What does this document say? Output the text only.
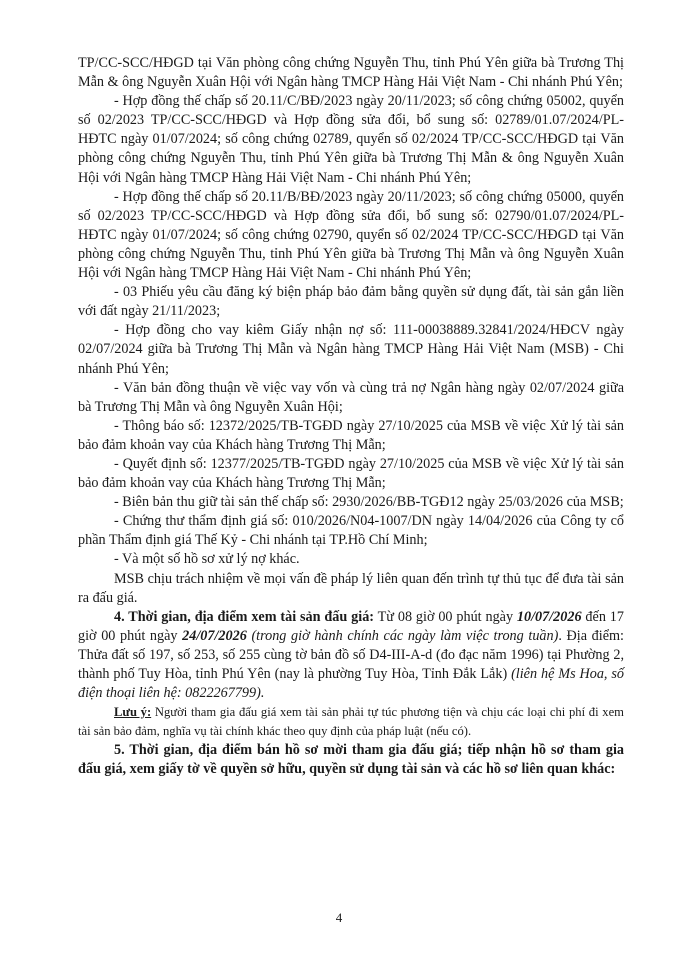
TP/CC-SCC/HĐGD tại Văn phòng công chứng Nguyễn Thu, tỉnh Phú Yên giữa bà Trương Thị Mẫn & ông Nguyễn Xuân Hội với Ngân hàng TMCP Hàng Hải Việt Nam - Chi nhánh Phú Yên;

- Hợp đồng thế chấp số 20.11/C/BĐ/2023 ngày 20/11/2023; số công chứng 05002, quyển số 02/2023 TP/CC-SCC/HĐGD và Hợp đồng sửa đổi, bổ sung số: 02789/01.07/2024/PL-HĐTC ngày 01/07/2024; số công chứng 02789, quyển số 02/2024 TP/CC-SCC/HĐGD tại Văn phòng công chứng Nguyễn Thu, tỉnh Phú Yên giữa bà Trương Thị Mẫn & ông Nguyễn Xuân Hội với Ngân hàng TMCP Hàng Hải Việt Nam - Chi nhánh Phú Yên;

- Hợp đồng thế chấp số 20.11/B/BĐ/2023 ngày 20/11/2023; số công chứng 05000, quyển số 02/2023 TP/CC-SCC/HĐGD và Hợp đồng sửa đổi, bổ sung số: 02790/01.07/2024/PL-HĐTC ngày 01/07/2024; số công chứng 02790, quyển số 02/2024 TP/CC-SCC/HĐGD tại Văn phòng công chứng Nguyễn Thu, tỉnh Phú Yên giữa bà Trương Thị Mẫn và ông Nguyễn Xuân Hội với Ngân hàng TMCP Hàng Hải Việt Nam - Chi nhánh Phú Yên;

- 03 Phiếu yêu cầu đăng ký biện pháp bảo đảm bằng quyền sử dụng đất, tài sản gắn liền với đất ngày 21/11/2023;

- Hợp đồng cho vay kiêm Giấy nhận nợ số: 111-00038889.32841/2024/HĐCV ngày 02/07/2024 giữa bà Trương Thị Mẫn và Ngân hàng TMCP Hàng Hải Việt Nam (MSB) - Chi nhánh Phú Yên;

- Văn bản đồng thuận về việc vay vốn và cùng trả nợ Ngân hàng ngày 02/07/2024 giữa bà Trương Thị Mẫn và ông Nguyễn Xuân Hội;

- Thông báo số: 12372/2025/TB-TGĐD ngày 27/10/2025 của MSB về việc Xử lý tài sản bảo đảm khoản vay của Khách hàng Trương Thị Mẫn;

- Quyết định số: 12377/2025/TB-TGĐD ngày 27/10/2025 của MSB về việc Xử lý tài sản bảo đảm khoản vay của Khách hàng Trương Thị Mẫn;

- Biên bản thu giữ tài sản thế chấp số: 2930/2026/BB-TGĐ12 ngày 25/03/2026 của MSB;

- Chứng thư thẩm định giá số: 010/2026/N04-1007/DN ngày 14/04/2026 của Công ty cổ phần Thẩm định giá Thế Kỷ - Chi nhánh tại TP.Hồ Chí Minh;

- Và một số hồ sơ xử lý nợ khác.

MSB chịu trách nhiệm về mọi vấn đề pháp lý liên quan đến trình tự thủ tục để đưa tài sản ra đấu giá.

4. Thời gian, địa điểm xem tài sản đấu giá: Từ 08 giờ 00 phút ngày 10/07/2026 đến 17 giờ 00 phút ngày 24/07/2026 (trong giờ hành chính các ngày làm việc trong tuần). Địa điểm: Thửa đất số 197, số 253, số 255 cùng tờ bản đồ số D4-III-A-d (đo đạc năm 1996) tại Phường 2, thành phố Tuy Hòa, tỉnh Phú Yên (nay là phường Tuy Hòa, Tỉnh Đắk Lắk) (liên hệ Ms Hoa, số điện thoại liên hệ: 0822267799).

Lưu ý: Người tham gia đấu giá xem tài sản phải tự túc phương tiện và chịu các loại chi phí đi xem tài sản bảo đảm, nghĩa vụ tài chính khác theo quy định của pháp luật (nếu có).

5. Thời gian, địa điểm bán hồ sơ mời tham gia đấu giá; tiếp nhận hồ sơ tham gia đấu giá, xem giấy tờ về quyền sở hữu, quyền sử dụng tài sản và các hồ sơ liên quan khác:

4
